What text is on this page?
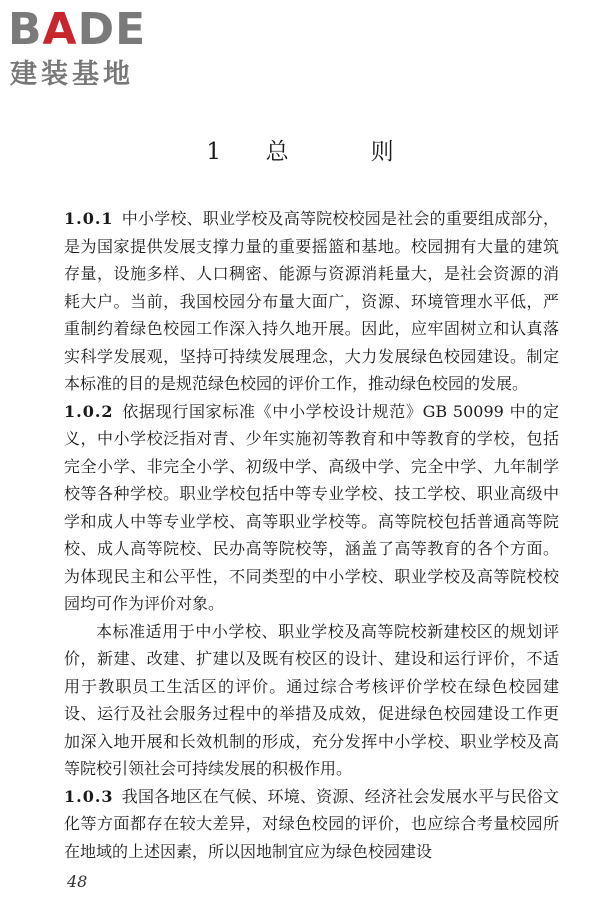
BADE
建装基地
1 总	则

1.0.1 中小学校、职业学校及高等院校校园是社会的重要组成部分，是为国家提供发展支撑力量的重要摇篮和基地。校园拥有大量的建筑存量，设施多样、人口稠密、能源与资源消耗量大，是社会资源的消耗大户。当前，我国校园分布量大面广，资源、环境管理水平低，严重制约着绿色校园工作深入持久地开展。因此，应牢固树立和认真落实科学发展观，坚持可持续发展理念，大力发展绿色校园建设。制定本标准的目的是规范绿色校园的评价工作，推动绿色校园的发展。

1.0.2 依据现行国家标准《中小学校设计规范》GB 50099 中的定义，中小学校泛指对青、少年实施初等教育和中等教育的学校，包括完全小学、非完全小学、初级中学、高级中学、完全中学、九年制学校等各种学校。职业学校包括中等专业学校、技工学校、职业高级中学和成人中等专业学校、高等职业学校等。高等院校包括普通高等院校、成人高等院校、民办高等院校等，涵盖了高等教育的各个方面。为体现民主和公平性，不同类型的中小学校、职业学校及高等院校校园均可作为评价对象。

本标准适用于中小学校、职业学校及高等院校新建校区的规划评价，新建、改建、扩建以及既有校区的设计、建设和运行评价，不适用于教职员工生活区的评价。通过综合考核评价学校在绿色校园建设、运行及社会服务过程中的举措及成效，促进绿色校园建设工作更加深入地开展和长效机制的形成，充分发挥中小学校、职业学校及高等院校引领社会可持续发展的积极作用。

1.0.3 我国各地区在气候、环境、资源、经济社会发展水平与民俗文化等方面都存在较大差异，对绿色校园的评价，也应综合考量校园所在地域的上述因素，所以因地制宜应为绿色校园建设

48
